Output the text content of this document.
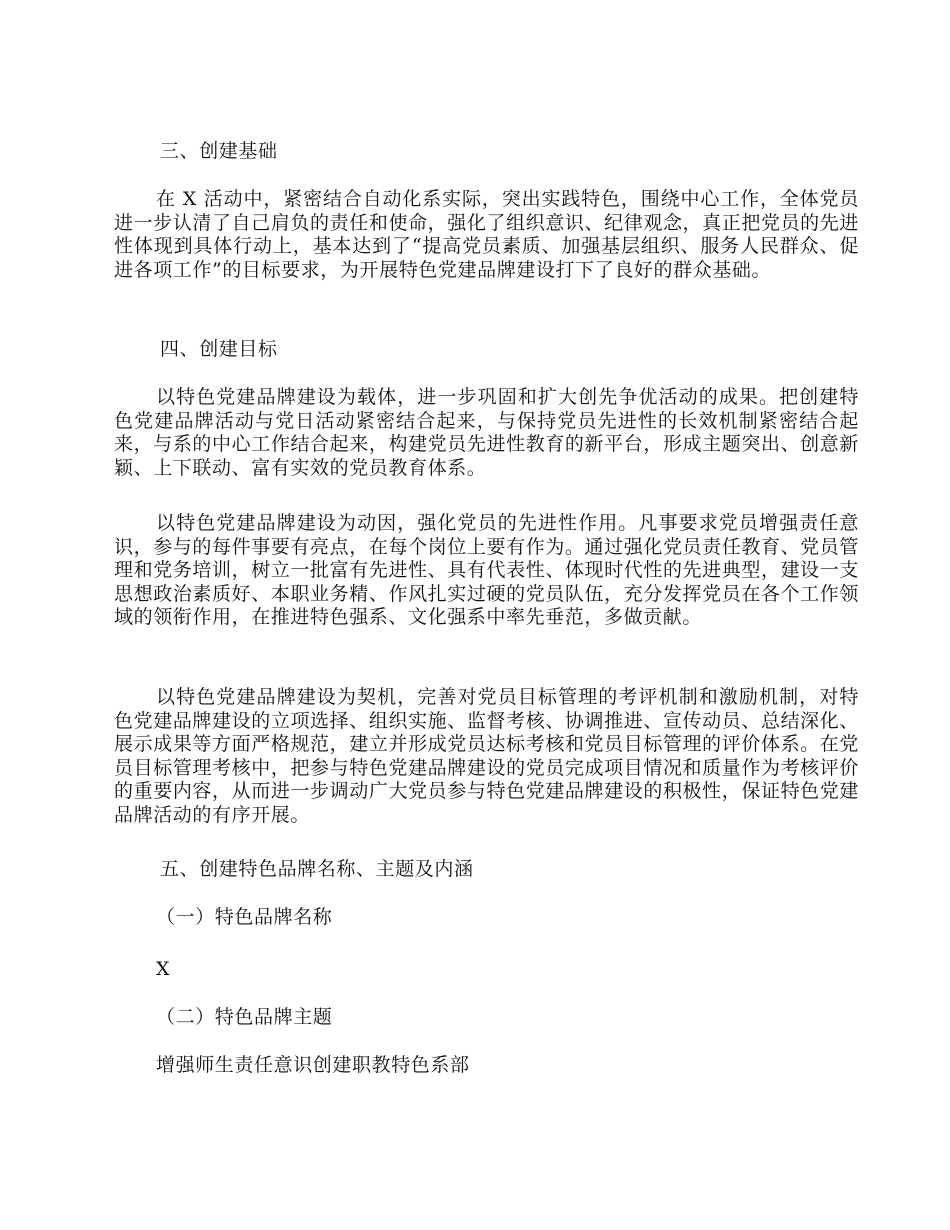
三、创建基础
在 X 活动中，紧密结合自动化系实际，突出实践特色，围绕中心工作，全体党员进一步认清了自己肩负的责任和使命，强化了组织意识、纪律观念，真正把党员的先进性体现到具体行动上，基本达到了“提高党员素质、加强基层组织、服务人民群众、促进各项工作”的目标要求，为开展特色党建品牌建设打下了良好的群众基础。
四、创建目标
以特色党建品牌建设为载体，进一步巩固和扩大创先争优活动的成果。把创建特色党建品牌活动与党日活动紧密结合起来，与保持党员先进性的长效机制紧密结合起来，与系的中心工作结合起来，构建党员先进性教育的新平台，形成主题突出、创意新颖、上下联动、富有实效的党员教育体系。
以特色党建品牌建设为动因，强化党员的先进性作用。凡事要求党员增强责任意识，参与的每件事要有亮点，在每个岗位上要有作为。通过强化党员责任教育、党员管理和党务培训，树立一批富有先进性、具有代表性、体现时代性的先进典型，建设一支思想政治素质好、本职业务精、作风扎实过硬的党员队伍，充分发挥党员在各个工作领域的领衔作用，在推进特色强系、文化强系中率先垂范，多做贡献。
以特色党建品牌建设为契机，完善对党员目标管理的考评机制和激励机制，对特色党建品牌建设的立项选择、组织实施、监督考核、协调推进、宣传动员、总结深化、展示成果等方面严格规范，建立并形成党员达标考核和党员目标管理的评价体系。在党员目标管理考核中，把参与特色党建品牌建设的党员完成项目情况和质量作为考核评价的重要内容，从而进一步调动广大党员参与特色党建品牌建设的积极性，保证特色党建品牌活动的有序开展。
五、创建特色品牌名称、主题及内涵
（一）特色品牌名称
X
（二）特色品牌主题
增强师生责任意识创建职教特色系部
